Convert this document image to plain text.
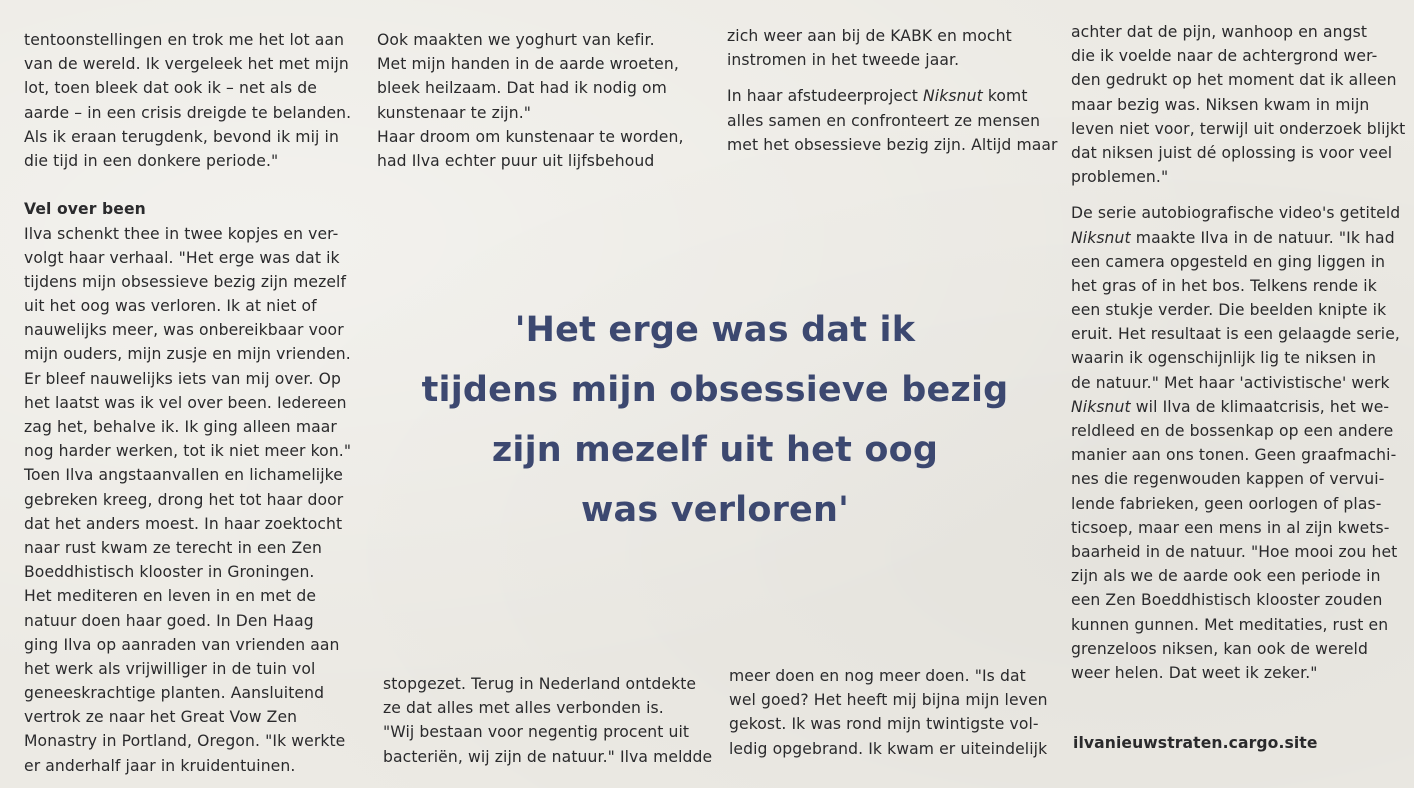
tentoonstellingen en trok me het lot aan
van de wereld. Ik vergeleek het met mijn
lot, toen bleek dat ook ik – net als de
aarde – in een crisis dreigde te belanden.
Als ik eraan terugdenk, bevond ik mij in
die tijd in een donkere periode."
Vel over been
Ilva schenkt thee in twee kopjes en ver-
volgt haar verhaal. "Het erge was dat ik
tijdens mijn obsessieve bezig zijn mezelf
uit het oog was verloren. Ik at niet of
nauwelijks meer, was onbereikbaar voor
mijn ouders, mijn zusje en mijn vrienden.
Er bleef nauwelijks iets van mij over. Op
het laatst was ik vel over been. Iedereen
zag het, behalve ik. Ik ging alleen maar
nog harder werken, tot ik niet meer kon."
Toen Ilva angstaanvallen en lichamelijke
gebreken kreeg, drong het tot haar door
dat het anders moest. In haar zoektocht
naar rust kwam ze terecht in een Zen
Boeddhistisch klooster in Groningen.
Het mediteren en leven in en met de
natuur doen haar goed. In Den Haag
ging Ilva op aanraden van vrienden aan
het werk als vrijwilliger in de tuin vol
geneeskrachtige planten. Aansluitend
vertrok ze naar het Great Vow Zen
Monastry in Portland, Oregon. "Ik werkte
er anderhalf jaar in kruidentuinen.
Ook maakten we yoghurt van kefir.
Met mijn handen in de aarde wroeten,
bleek heilzaam. Dat had ik nodig om
kunstenaar te zijn."
Haar droom om kunstenaar te worden,
had Ilva echter puur uit lijfsbehoud
stopgezet. Terug in Nederland ontdekte
ze dat alles met alles verbonden is.
"Wij bestaan voor negentig procent uit
bacteriën, wij zijn de natuur." Ilva meldde
zich weer aan bij de KABK en mocht
instromen in het tweede jaar.
In haar afstudeerproject Niksnut komt
alles samen en confronteert ze mensen
met het obsessieve bezig zijn. Altijd maar
meer doen en nog meer doen. "Is dat
wel goed? Het heeft mij bijna mijn leven
gekost. Ik was rond mijn twintigste vol-
ledig opgebrand. Ik kwam er uiteindelijk
achter dat de pijn, wanhoop en angst
die ik voelde naar de achtergrond wer-
den gedrukt op het moment dat ik alleen
maar bezig was. Niksen kwam in mijn
leven niet voor, terwijl uit onderzoek blijkt
dat niksen juist dé oplossing is voor veel
problemen."
De serie autobiografische video's getiteld
Niksnut maakte Ilva in de natuur. "Ik had
een camera opgesteld en ging liggen in
het gras of in het bos. Telkens rende ik
een stukje verder. Die beelden knipte ik
eruit. Het resultaat is een gelaagde serie,
waarin ik ogenschijnlijk lig te niksen in
de natuur." Met haar 'activistische' werk
Niksnut wil Ilva de klimaatcrisis, het we-
reldleed en de bossenkap op een andere
manier aan ons tonen. Geen graafmachi-
nes die regenwouden kappen of vervui-
lende fabrieken, geen oorlogen of plas-
ticsoep, maar een mens in al zijn kwets-
baarheid in de natuur. "Hoe mooi zou het
zijn als we de aarde ook een periode in
een Zen Boeddhistisch klooster zouden
kunnen gunnen. Met meditaties, rust en
grenzeloos niksen, kan ook de wereld
weer helen. Dat weet ik zeker."
ilvanieuwstraten.cargo.site
'Het erge was dat ik
tijdens mijn obsessieve bezig
zijn mezelf uit het oog
was verloren'
